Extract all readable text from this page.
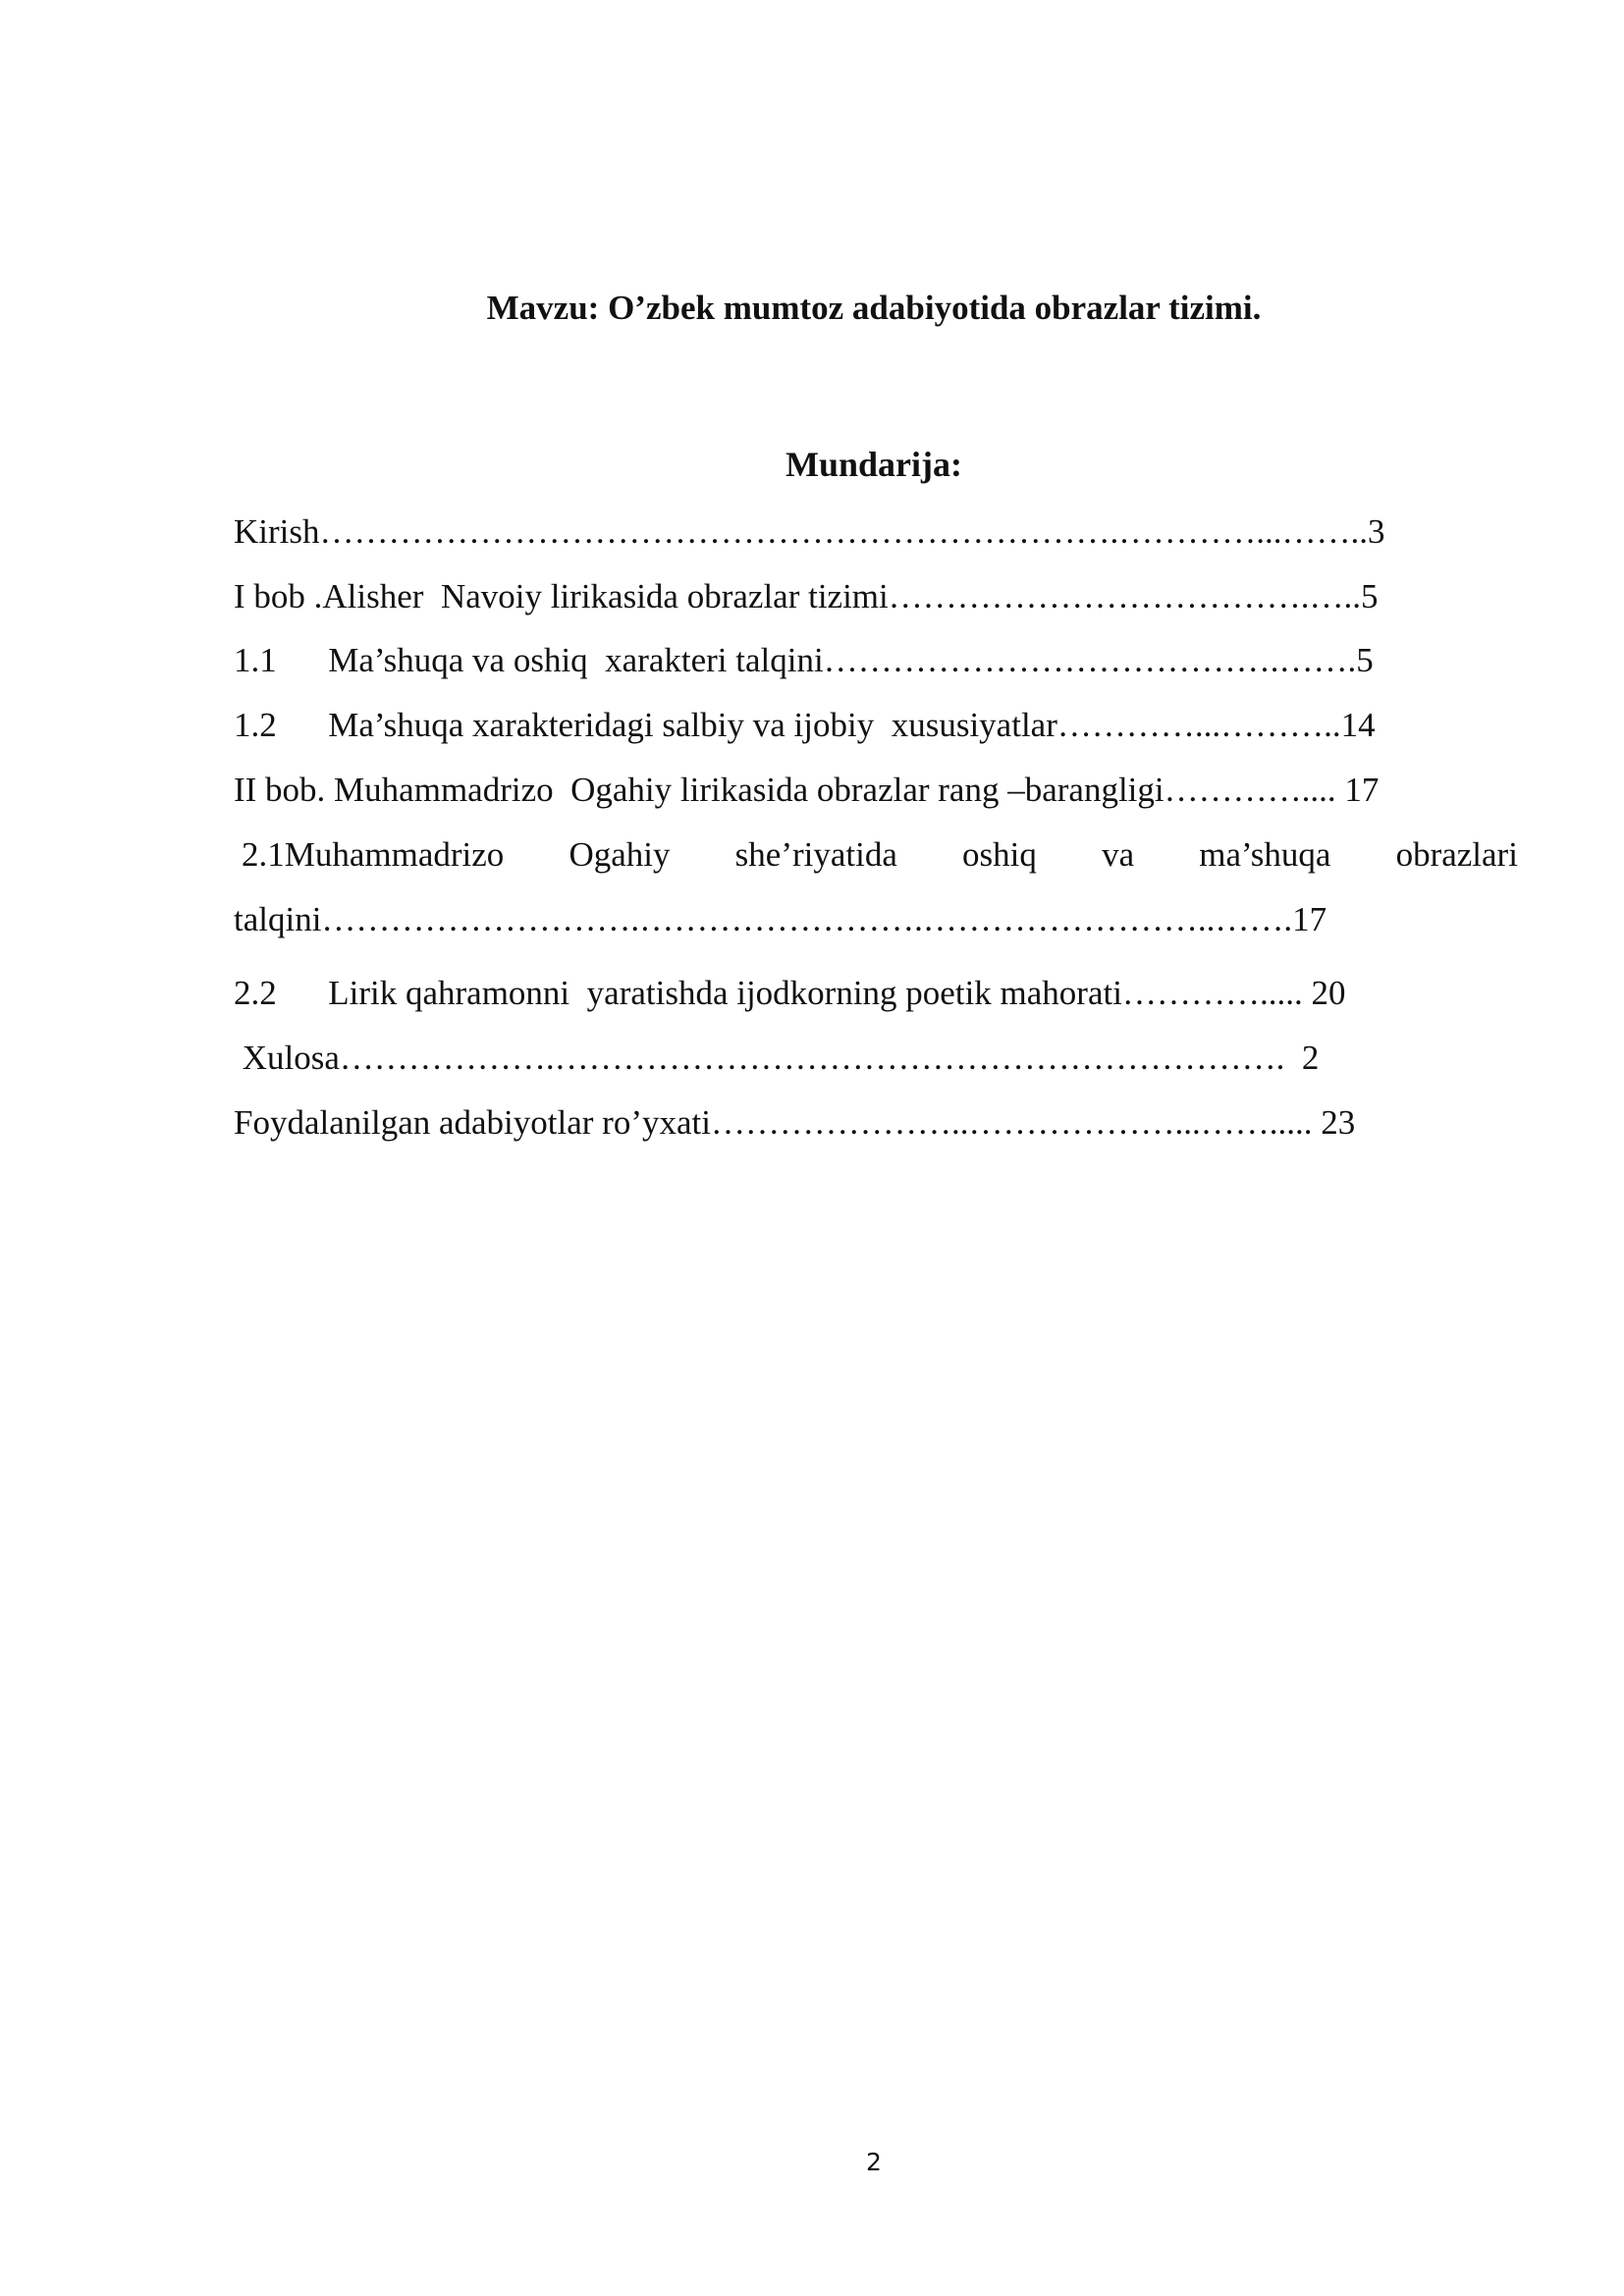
Mavzu: O’zbek mumtoz adabiyotida obrazlar tizimi.
Mundarija:
Kirish…………………………………………………………….…………...……..3
I bob .Alisher  Navoiy lirikasida obrazlar tizimi……………………………….…..5
1.1      Ma’shuqa va oshiq  xarakteri talqini………………………………….…….5
1.2      Ma’shuqa xarakteridagi salbiy va ijobiy  xususiyatlar…………...………..14
II bob. Muhammadrizo  Ogahiy lirikasida obrazlar rang –barangligi………….... 17
2.1Muhammadrizo Ogahiy she’riyatida oshiq va ma’shuqa obrazlari
talqini……………………….…………………….……………………..…….17
2.2      Lirik qahramonni  yaratishda ijodkorning poetik mahorati…………..... 20
Xulosa……………….……………………………………………………….  2
Foydalanilgan adabiyotlar ro’yxati…………………..………………...……..... 23
2
